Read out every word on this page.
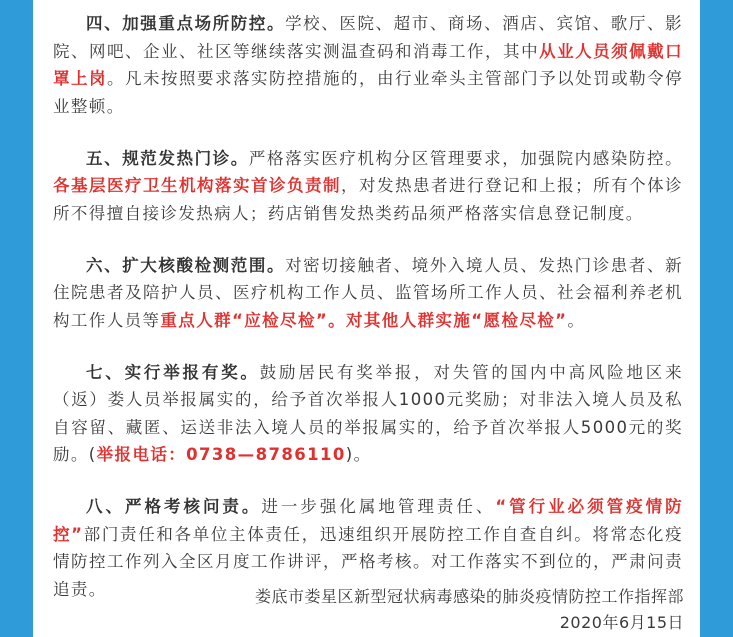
四、加强重点场所防控。学校、医院、超市、商场、酒店、宾馆、歌厅、影院、网吧、企业、社区等继续落实测温查码和消毒工作，其中从业人员须佩戴口罩上岗。凡未按照要求落实防控措施的，由行业牵头主管部门予以处罚或勒令停业整顿。

五、规范发热门诊。严格落实医疗机构分区管理要求，加强院内感染防控。各基层医疗卫生机构落实首诊负责制，对发热患者进行登记和上报；所有个体诊所不得擅自接诊发热病人；药店销售发热类药品须严格落实信息登记制度。

六、扩大核酸检测范围。对密切接触者、境外入境人员、发热门诊患者、新住院患者及陪护人员、医疗机构工作人员、监管场所工作人员、社会福利养老机构工作人员等重点人群“应检尽检”。对其他人群实施“愿检尽检”。

七、实行举报有奖。鼓励居民有奖举报，对失管的国内中高风险地区来（返）娄人员举报属实的，给予首次举报人1000元奖励；对非法入境人员及私自容留、藏匿、运送非法入境人员的举报属实的，给予首次举报人5000元的奖励。(举报电话：0738—8786110)。

八、严格考核问责。进一步强化属地管理责任、“管行业必须管疫情防控”部门责任和各单位主体责任，迅速组织开展防控工作自查自纠。将常态化疫情防控工作列入全区月度工作讲评，严格考核。对工作落实不到位的，严肃问责追责。	娄底市娄星区新型冠状病毒感染的肺炎疫情防控工作指挥部
2020年6月15日
